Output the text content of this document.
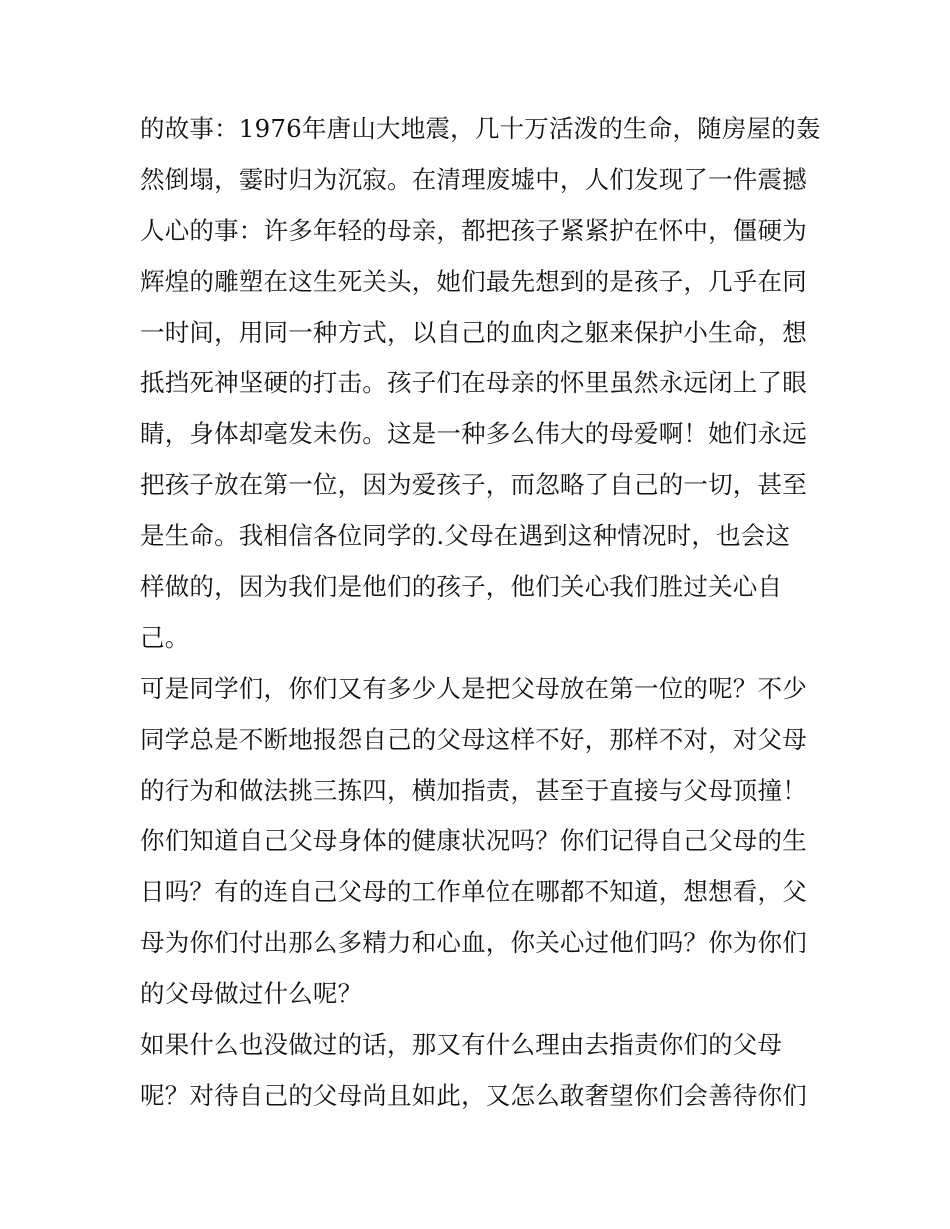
的故事：1976年唐山大地震，几十万活泼的生命，随房屋的轰
然倒塌，霎时归为沉寂。在清理废墟中，人们发现了一件震撼
人心的事：许多年轻的母亲，都把孩子紧紧护在怀中，僵硬为
辉煌的雕塑在这生死关头，她们最先想到的是孩子，几乎在同
一时间，用同一种方式，以自己的血肉之躯来保护小生命，想
抵挡死神坚硬的打击。孩子们在母亲的怀里虽然永远闭上了眼
睛，身体却毫发未伤。这是一种多么伟大的母爱啊！她们永远
把孩子放在第一位，因为爱孩子，而忽略了自己的一切，甚至
是生命。我相信各位同学的.父母在遇到这种情况时，也会这
样做的，因为我们是他们的孩子，他们关心我们胜过关心自
己。
可是同学们，你们又有多少人是把父母放在第一位的呢？不少
同学总是不断地报怨自己的父母这样不好，那样不对，对父母
的行为和做法挑三拣四，横加指责，甚至于直接与父母顶撞！
你们知道自己父母身体的健康状况吗？你们记得自己父母的生
日吗？有的连自己父母的工作单位在哪都不知道，想想看，父
母为你们付出那么多精力和心血，你关心过他们吗？你为你们
的父母做过什么呢？
如果什么也没做过的话，那又有什么理由去指责你们的父母
呢？对待自己的父母尚且如此，又怎么敢奢望你们会善待你们
